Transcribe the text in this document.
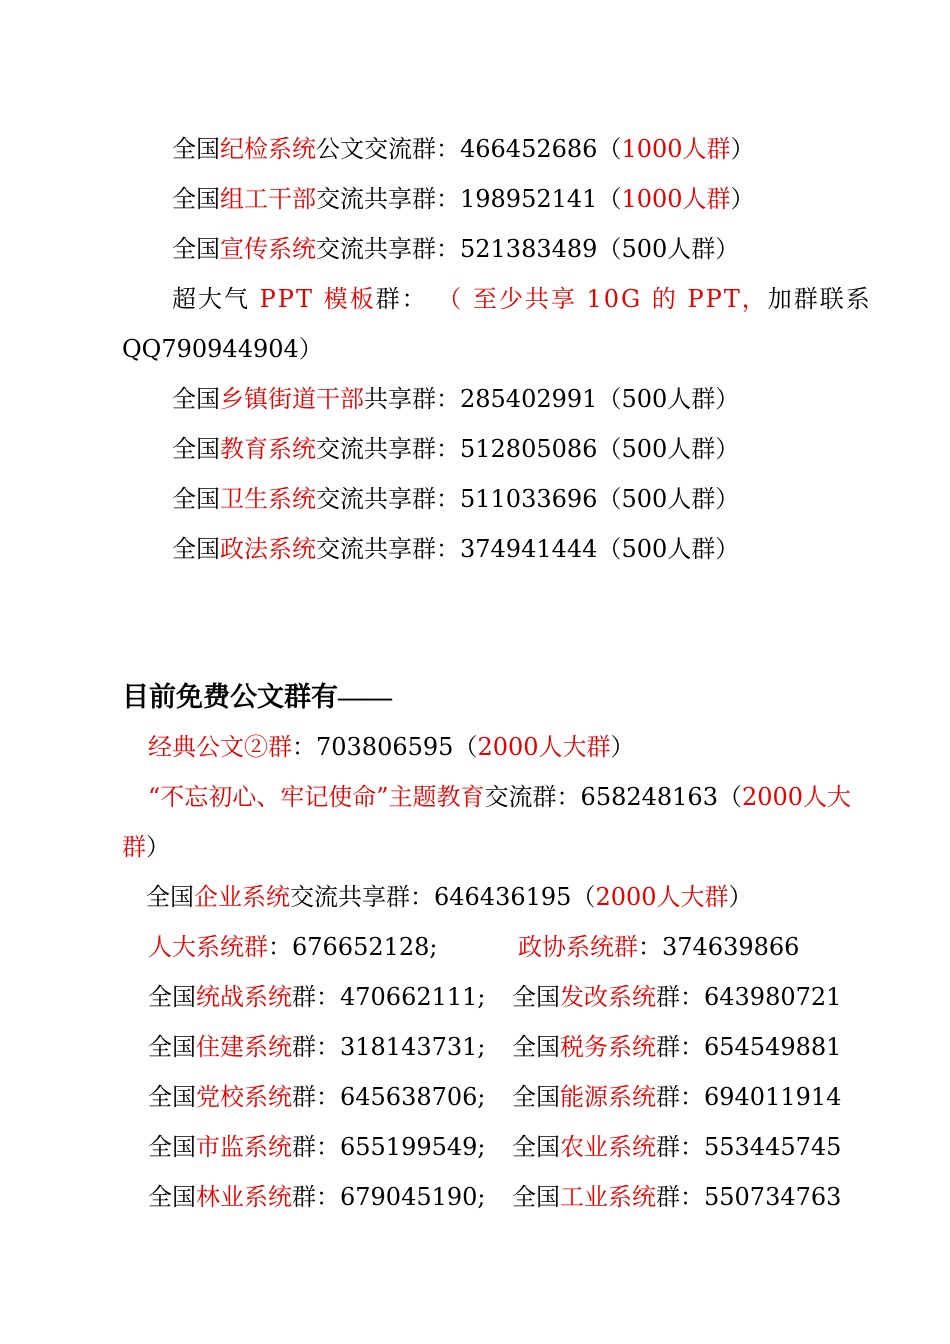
全国纪检系统公文交流群：466452686（1000人群）
全国组工干部交流共享群：198952141（1000人群）
全国宣传系统交流共享群：521383489（500人群）
超大气 PPT 模板群： （ 至少共享 10G 的 PPT，加群联系
QQ790944904）
全国乡镇街道干部共享群：285402991（500人群）
全国教育系统交流共享群：512805086（500人群）
全国卫生系统交流共享群：511033696（500人群）
全国政法系统交流共享群：374941444（500人群）
目前免费公文群有——
经典公文②群：703806595（2000人大群）
“不忘初心、牢记使命”主题教育交流群：658248163（2000人大
群）
全国企业系统交流共享群：646436195（2000人大群）
人大系统群：676652128;	政协系统群：374639866
全国统战系统群：470662111; 全国发改系统群：643980721
全国住建系统群：318143731; 全国税务系统群：654549881
全国党校系统群：645638706; 全国能源系统群：694011914
全国市监系统群：655199549; 全国农业系统群：553445745
全国林业系统群：679045190; 全国工业系统群：550734763
